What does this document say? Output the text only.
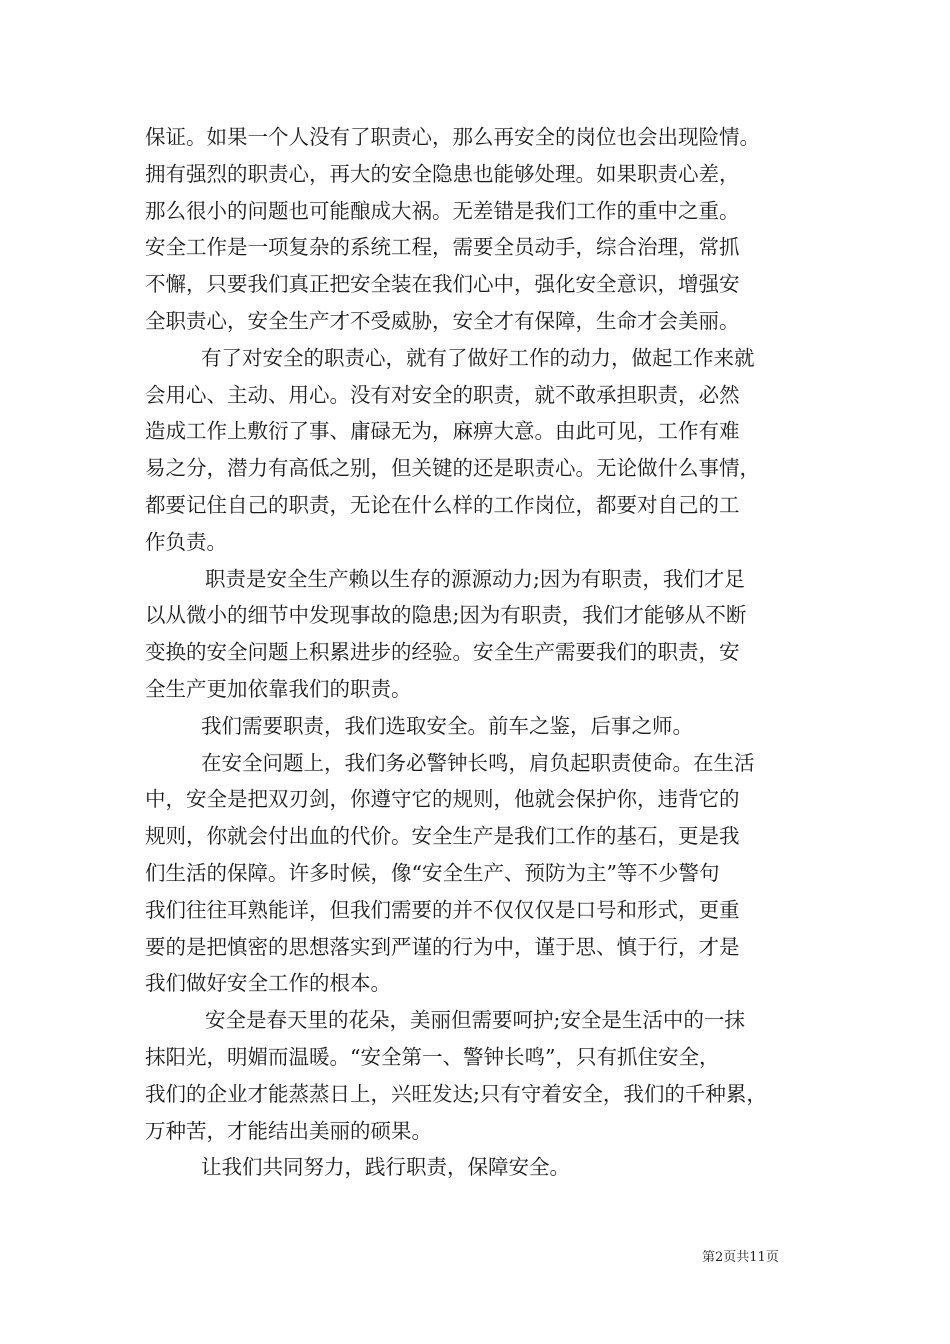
保证。如果一个人没有了职责心，那么再安全的岗位也会出现险情。
拥有强烈的职责心，再大的安全隐患也能够处理。如果职责心差，
那么很小的问题也可能酿成大祸。无差错是我们工作的重中之重。
安全工作是一项复杂的系统工程，需要全员动手，综合治理，常抓
不懈，只要我们真正把安全装在我们心中，强化安全意识，增强安
全职责心，安全生产才不受威胁，安全才有保障，生命才会美丽。

有了对安全的职责心，就有了做好工作的动力，做起工作来就
会用心、主动、用心。没有对安全的职责，就不敢承担职责，必然
造成工作上敷衍了事、庸碌无为，麻痹大意。由此可见，工作有难
易之分，潜力有高低之别，但关键的还是职责心。无论做什么事情，
都要记住自己的职责，无论在什么样的工作岗位，都要对自己的工
作负责。

职责是安全生产赖以生存的源源动力;因为有职责，我们才足
以从微小的细节中发现事故的隐患;因为有职责，我们才能够从不断
变换的安全问题上积累进步的经验。安全生产需要我们的职责，安
全生产更加依靠我们的职责。

我们需要职责，我们选取安全。前车之鉴，后事之师。

在安全问题上，我们务必警钟长鸣，肩负起职责使命。在生活
中，安全是把双刃剑，你遵守它的规则，他就会保护你，违背它的
规则，你就会付出血的代价。安全生产是我们工作的基石，更是我
们生活的保障。许多时候，像“安全生产、预防为主”等不少警句
我们往往耳熟能详，但我们需要的并不仅仅仅是口号和形式，更重
要的是把慎密的思想落实到严谨的行为中，谨于思、慎于行，才是
我们做好安全工作的根本。

安全是春天里的花朵，美丽但需要呵护;安全是生活中的一抹
抹阳光，明媚而温暖。“安全第一、警钟长鸣”，只有抓住安全，
我们的企业才能蒸蒸日上，兴旺发达;只有守着安全，我们的千种累，
万种苦，才能结出美丽的硕果。

让我们共同努力，践行职责，保障安全。

第2页共11页
